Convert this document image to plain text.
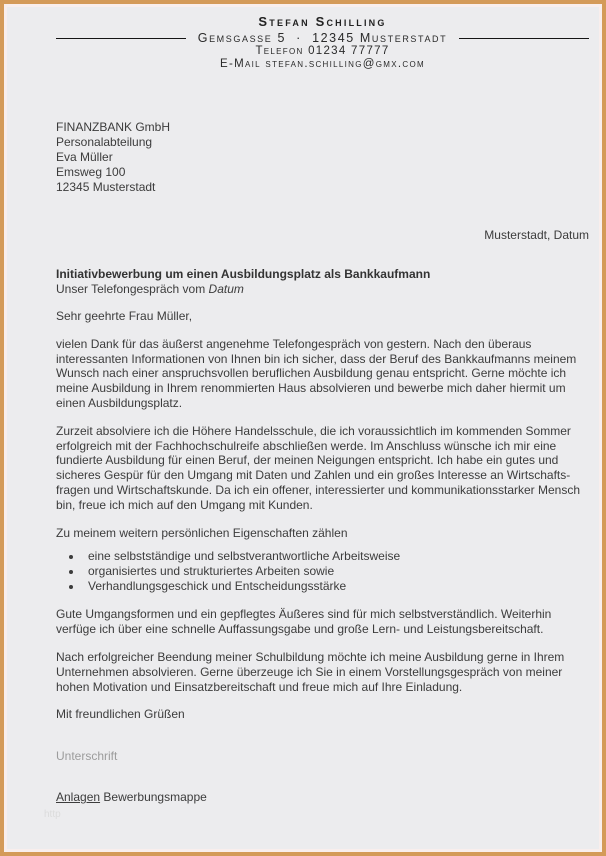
Stefan Schilling
Gemsgasse 5  ·  12345 Musterstadt
Telefon 01234 77777
E-Mail stefan.schilling@gmx.com
FINANZBANK GmbH
Personalabteilung
Eva Müller
Emsweg 100
12345 Musterstadt
Musterstadt, Datum
Initiativbewerbung um einen Ausbildungsplatz als Bankkaufmann
Unser Telefongespräch vom Datum

Sehr geehrte Frau Müller,

vielen Dank für das äußerst angenehme Telefongespräch von gestern. Nach den überaus interessanten Informationen von Ihnen bin ich sicher, dass der Beruf des Bankkaufmanns meinem Wunsch nach einer anspruchsvollen beruflichen Ausbildung genau entspricht. Gerne möchte ich meine Ausbildung in Ihrem renommierten Haus absolvieren und bewerbe mich daher hiermit um einen Ausbildungsplatz.

Zurzeit absolviere ich die Höhere Handelsschule, die ich voraussichtlich im kommenden Sommer erfolgreich mit der Fachhochschulreife abschließen werde. Im Anschluss wünsche ich mir eine fundierte Ausbildung für einen Beruf, der meinen Neigungen entspricht. Ich habe ein gutes und sicheres Gespür für den Umgang mit Daten und Zahlen und ein großes Interesse an Wirtschaftsfragen und Wirtschaftskunde. Da ich ein offener, interessierter und kommunikationsstarker Mensch bin, freue ich mich auf den Umgang mit Kunden.

Zu meinem weitern persönlichen Eigenschaften zählen

• eine selbstständige und selbstverantwortliche Arbeitsweise
• organisiertes und strukturiertes Arbeiten sowie
• Verhandlungsgeschick und Entscheidungsstärke

Gute Umgangsformen und ein gepflegtes Äußeres sind für mich selbstverständlich. Weiterhin verfüge ich über eine schnelle Auffassungsgabe und große Lern- und Leistungsbereitschaft.

Nach erfolgreicher Beendung meiner Schulbildung möchte ich meine Ausbildung gerne in Ihrem Unternehmen absolvieren. Gerne überzeuge ich Sie in einem Vorstellungsgespräch von meiner hohen Motivation und Einsatzbereitschaft und freue mich auf Ihre Einladung.

Mit freundlichen Grüßen

Unterschrift

Anlagen Bewerbungsmappe

http
